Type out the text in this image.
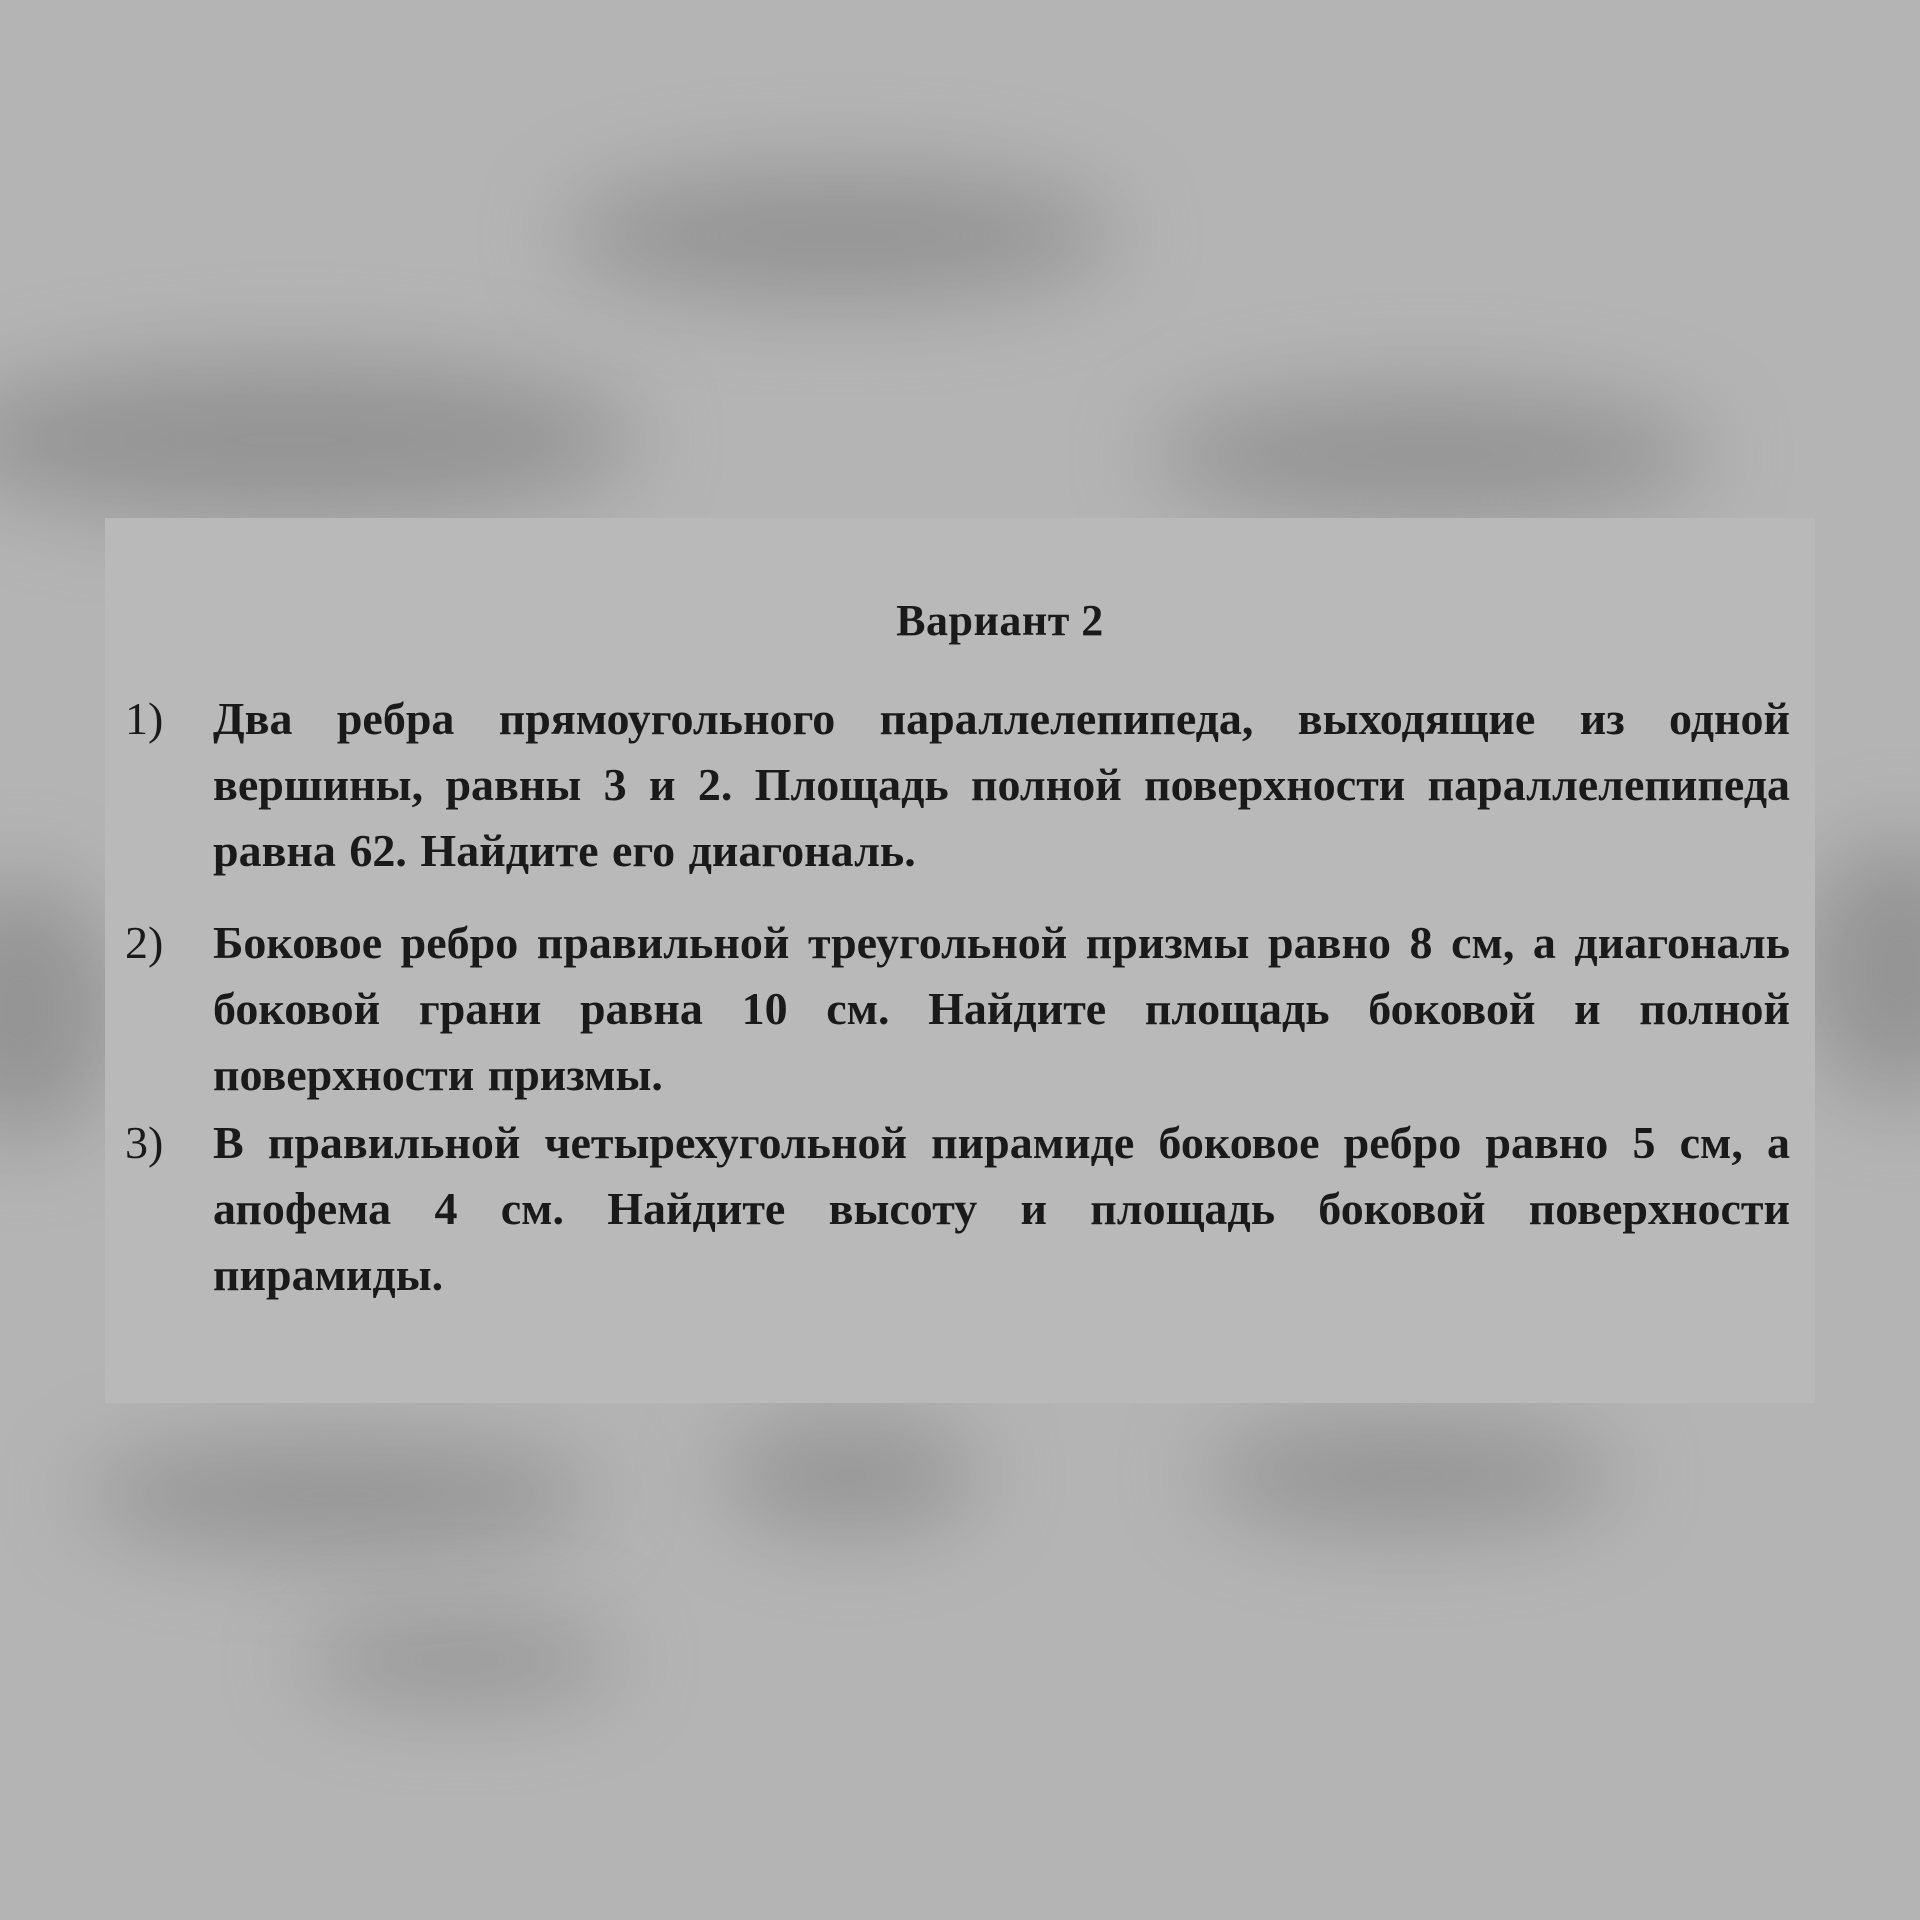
Вариант 2
1) Два ребра прямоугольного параллелепипеда, выходящие из одной вершины, равны 3 и 2. Площадь полной поверхности параллелепипеда равна 62. Найдите его диагональ.
2) Боковое ребро правильной треугольной призмы равно 8 см, а диагональ боковой грани равна 10 см. Найдите площадь боковой и полной поверхности призмы.
3) В правильной четырехугольной пирамиде боковое ребро равно 5 см, а апофема 4 см. Найдите высоту и площадь боковой поверхности пирамиды.
